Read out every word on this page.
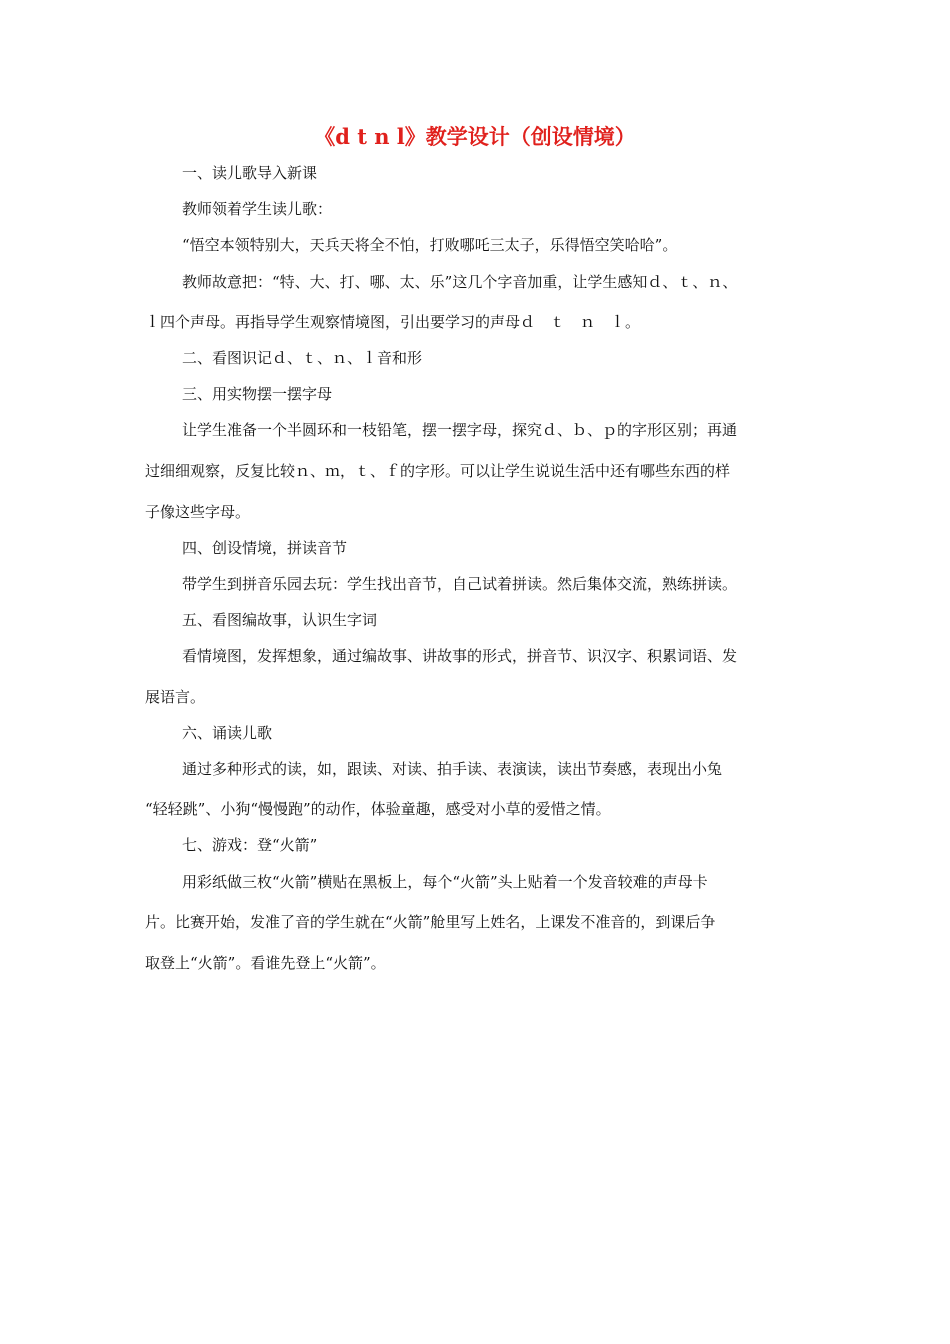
《d t n l》教学设计（创设情境）
一、读儿歌导入新课
教师领着学生读儿歌：
“悟空本领特别大，天兵天将全不怕，打败哪吒三太子，乐得悟空笑哈哈”。
教师故意把：“特、大、打、哪、太、乐”这几个字音加重，让学生感知ｄ、ｔ、ｎ、
ｌ四个声母。再指导学生观察情境图，引出要学习的声母ｄ　ｔ　ｎ　ｌ。
二、看图识记ｄ、ｔ、ｎ、ｌ音和形
三、用实物摆一摆字母
让学生准备一个半圆环和一枝铅笔，摆一摆字母，探究ｄ、ｂ、ｐ的字形区别；再通
过细细观察，反复比较ｎ、ｍ，ｔ、ｆ的字形。可以让学生说说生活中还有哪些东西的样
子像这些字母。
四、创设情境，拼读音节
带学生到拼音乐园去玩：学生找出音节，自己试着拼读。然后集体交流，熟练拼读。
五、看图编故事，认识生字词
看情境图，发挥想象，通过编故事、讲故事的形式，拼音节、识汉字、积累词语、发
展语言。
六、诵读儿歌
通过多种形式的读，如，跟读、对读、拍手读、表演读，读出节奏感，表现出小兔
“轻轻跳”、小狗“慢慢跑”的动作，体验童趣，感受对小草的爱惜之情。
七、游戏：登“火箭”
用彩纸做三枚“火箭”横贴在黑板上，每个“火箭”头上贴着一个发音较难的声母卡
片。比赛开始，发准了音的学生就在“火箭”舱里写上姓名，上课发不准音的，到课后争
取登上“火箭”。看谁先登上“火箭”。
